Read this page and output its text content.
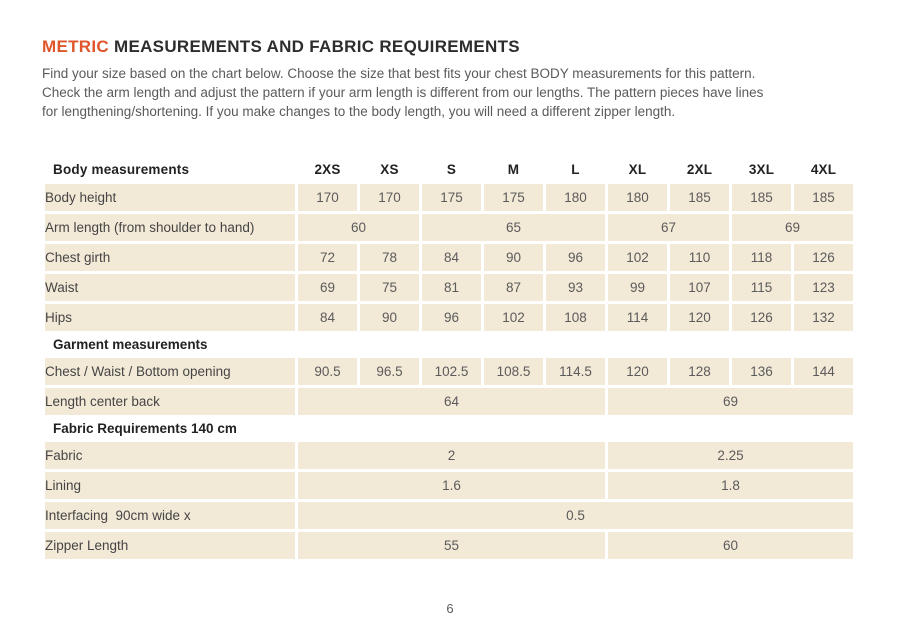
METRIC MEASUREMENTS AND FABRIC REQUIREMENTS
Find your size based on the chart below. Choose the size that best fits your chest BODY measurements for this pattern.
Check the arm length and adjust the pattern if your arm length is different from our lengths. The pattern pieces have lines
for lengthening/shortening. If you make changes to the body length, you will need a different zipper length.
Body measurements	2XS	XS	S	M	L	XL	2XL	3XL	4XL
Body height	170	170	175	175	180	180	185	185	185
Arm length (from shoulder to hand)	60		65			67		69	
Chest girth	72	78	84	90	96	102	110	118	126
Waist	69	75	81	87	93	99	107	115	123
Hips	84	90	96	102	108	114	120	126	132
Garment measurements									
Chest / Waist / Bottom opening	90.5	96.5	102.5	108.5	114.5	120	128	136	144
Length center back	64					69			
Fabric Requirements 140 cm									
Fabric	2					2.25			
Lining	1.6					1.8			
Interfacing  90cm wide x	0.5								
Zipper Length	55					60			
6
